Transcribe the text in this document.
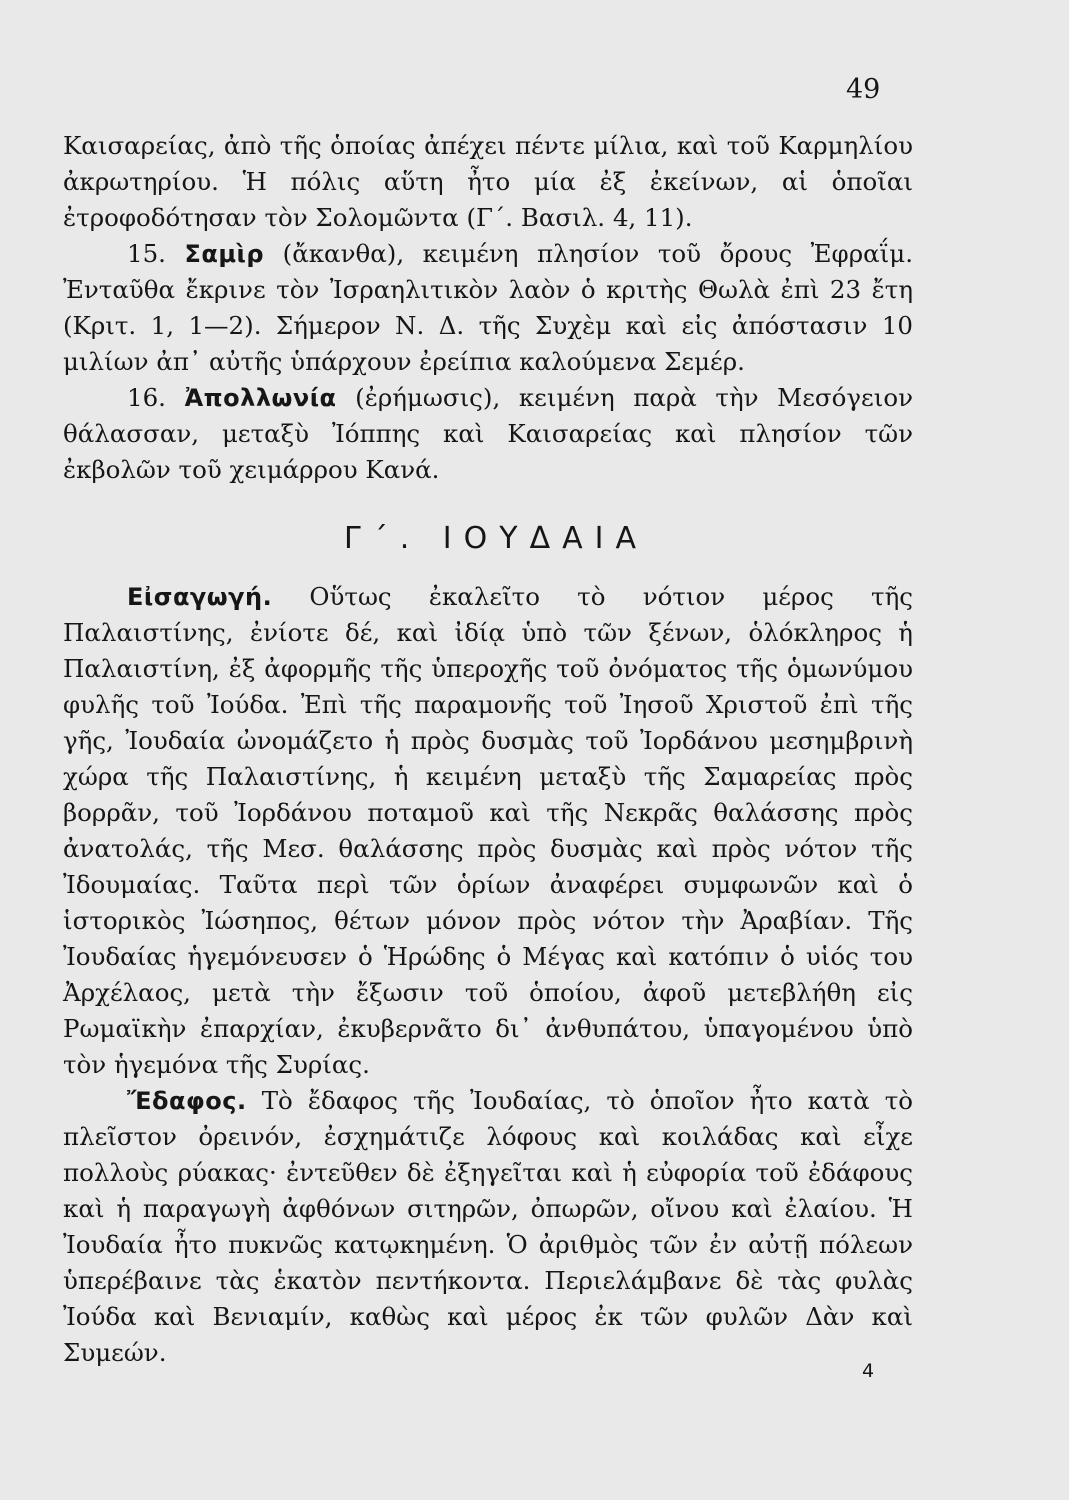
49

Καισαρείας, ἀπὸ τῆς ὁποίας ἀπέχει πέντε μίλια, καὶ τοῦ Καρμηλίου ἀκρωτηρίου. Ἡ πόλις αὕτη ἦτο μία ἐξ ἐκείνων, αἱ ὁποῖαι ἐτροφοδότησαν τὸν Σολομῶντα (Γ΄. Βασιλ. 4, 11).

15. Σαμὶρ (ἄκανθα), κειμένη πλησίον τοῦ ὄρους Ἐφραΐμ. Ἐνταῦθα ἔκρινε τὸν Ἰσραηλιτικὸν λαὸν ὁ κριτὴς Θωλὰ ἐπὶ 23 ἔτη (Κριτ. 1, 1—2). Σήμερον Ν. Δ. τῆς Συχὲμ καὶ εἰς ἀπόστασιν 10 μιλίων ἀπ᾿ αὐτῆς ὑπάρχουν ἐρείπια καλούμενα Σεμέρ.

16. Ἀπολλωνία (ἐρήμωσις), κειμένη παρὰ τὴν Μεσόγειον θάλασσαν, μεταξὺ Ἰόππης καὶ Καισαρείας καὶ πλησίον τῶν ἐκβολῶν τοῦ χειμάρρου Κανά.

Γ΄. ΙΟΥΔΑΙΑ

Εἰσαγωγή. Οὕτως ἐκαλεῖτο τὸ νότιον μέρος τῆς Παλαιστίνης, ἐνίοτε δέ, καὶ ἰδίᾳ ὑπὸ τῶν ξένων, ὁλόκληρος ἡ Παλαιστίνη, ἐξ ἀφορμῆς τῆς ὑπεροχῆς τοῦ ὀνόματος τῆς ὁμωνύμου φυλῆς τοῦ Ἰούδα. Ἐπὶ τῆς παραμονῆς τοῦ Ἰησοῦ Χριστοῦ ἐπὶ τῆς γῆς, Ἰουδαία ὠνομάζετο ἡ πρὸς δυσμὰς τοῦ Ἰορδάνου μεσημβρινὴ χώρα τῆς Παλαιστίνης, ἡ κειμένη μεταξὺ τῆς Σαμαρείας πρὸς βορρᾶν, τοῦ Ἰορδάνου ποταμοῦ καὶ τῆς Νεκρᾶς θαλάσσης πρὸς ἀνατολάς, τῆς Μεσ. θαλάσσης πρὸς δυσμὰς καὶ πρὸς νότον τῆς Ἰδουμαίας. Ταῦτα περὶ τῶν ὁρίων ἀναφέρει συμφωνῶν καὶ ὁ ἱστορικὸς Ἰώσηπος, θέτων μόνον πρὸς νότον τὴν Ἀραβίαν. Τῆς Ἰουδαίας ἡγεμόνευσεν ὁ Ἡρώδης ὁ Μέγας καὶ κατόπιν ὁ υἱός του Ἀρχέλαος, μετὰ τὴν ἔξωσιν τοῦ ὁποίου, ἀφοῦ μετεβλήθη εἰς Ρωμαϊκὴν ἐπαρχίαν, ἐκυβερνᾶτο δι᾿ ἀνθυπάτου, ὑπαγομένου ὑπὸ τὸν ἡγεμόνα τῆς Συρίας.

Ἔδαφος. Τὸ ἔδαφος τῆς Ἰουδαίας, τὸ ὁποῖον ἦτο κατὰ τὸ πλεῖστον ὀρεινόν, ἐσχημάτιζε λόφους καὶ κοιλάδας καὶ εἶχε πολλοὺς ρύακας· ἐντεῦθεν δὲ ἐξηγεῖται καὶ ἡ εὐφορία τοῦ ἐδάφους καὶ ἡ παραγωγὴ ἀφθόνων σιτηρῶν, ὀπωρῶν, οἴνου καὶ ἐλαίου. Ἡ Ἰουδαία ἦτο πυκνῶς κατῳκημένη. Ὁ ἀριθμὸς τῶν ἐν αὐτῇ πόλεων ὑπερέβαινε τὰς ἑκατὸν πεντήκοντα. Περιελάμβανε δὲ τὰς φυλὰς Ἰούδα καὶ Βενιαμίν, καθὼς καὶ μέρος ἐκ τῶν φυλῶν Δὰν καὶ Συμεών.

4
